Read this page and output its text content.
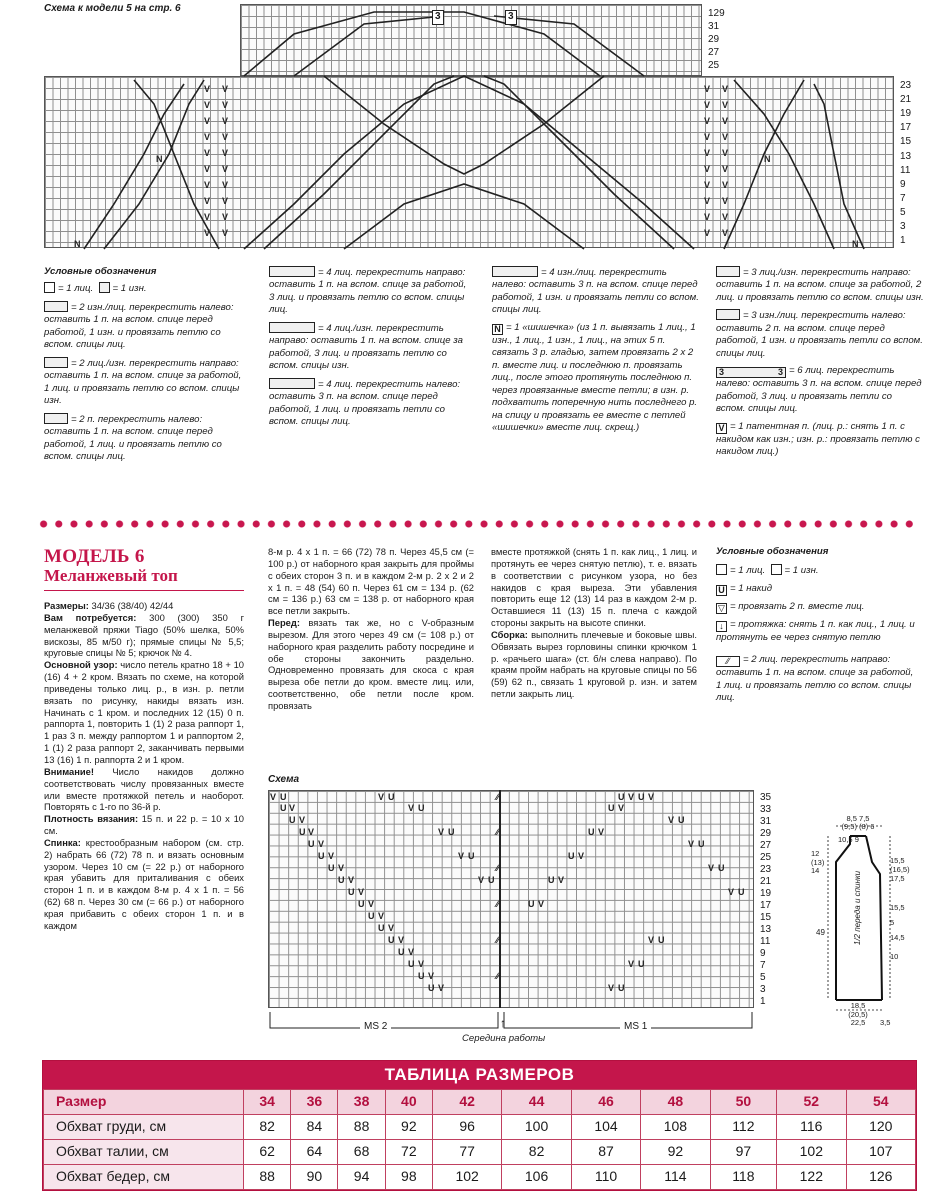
Схема к модели 5 на стр. 6
N
N
N
N
V V
V V
V V
V V
V V
V V
V V
V V
V V
V V
V V
V V
V V
V V
V V
V V
V V
V V
V V
V V
3	3	129
31
29
27
25
23
21
19
17
15
13
11
9
7
5
3
1
Условные обозначения
= 1 лиц. = 1 изн.
= 2 изн./лиц. перекрестить налево: оставить 1 п. на вспом. спице перед работой, 1 изн. и провязать петлю со вспом. спицы лиц.
= 2 лиц./изн. перекрестить направо: оставить 1 п. на вспом. спице за работой, 1 лиц. и провязать петлю со вспом. спицы изн.
= 2 п. перекрестить налево: оставить 1 п. на вспом. спице перед работой, 1 лиц. и провязать петлю со вспом. спицы лиц.
= 4 лиц. перекрестить направо: оставить 1 п. на вспом. спице за работой, 3 лиц. и провязать петлю со вспом. спицы лиц.
= 4 лиц./изн. перекрестить направо: оставить 1 п. на вспом. спице за работой, 3 лиц. и провязать петлю со вспом. спицы изн.
= 4 лиц. перекрестить налево: оставить 3 п. на вспом. спице перед работой, 1 лиц. и провязать петли со вспом. спицы лиц.
= 4 изн./лиц. перекрестить налево: оставить 3 п. на вспом. спице перед работой, 1 изн. и провязать петли со вспом. спицы лиц.
N = 1 «шишечка» (из 1 п. вывязать 1 лиц., 1 изн., 1 лиц., 1 изн., 1 лиц., на этих 5 п. связать 3 р. гладью, затем провязать 2 х 2 п. вместе лиц. и последнюю п. провязать лиц., после этого протянуть последнюю п. через провязанные вместе петли; в изн. р. подхватить поперечную нить последнего р. на спицу и провязать ее вместе с петлей «шишечки» вместе лиц. скрещ.)
= 3 лиц./изн. перекрестить направо: оставить 1 п. на вспом. спице за работой, 2 лиц. и провязать петлю со вспом. спицы изн.
= 3 изн./лиц. перекрестить налево: оставить 2 п. на вспом. спице перед работой, 1 изн. и провязать петли со вспом. спицы лиц.
3	3 = 6 лиц. перекрестить налево: оставить 3 п. на вспом. спице перед работой, 3 лиц. и провязать петли со вспом. спицы лиц.
V = 1 патентная п. (лиц. р.: снять 1 п. с накидом как изн.; изн. р.: провязать петлю с накидом лиц.)
МОДЕЛЬ 6
Меланжевый топ

Размеры: 34/36 (38/40) 42/44

Вам потребуется: 300 (300) 350 г меланжевой пряжи Tiago (50% шелка, 50% вискозы, 85 м/50 г); прямые спицы № 5,5; круговые спицы № 5; крючок № 4.

Основной узор: число петель кратно 18 + 10 (16) 4 + 2 кром. Вязать по схеме, на которой приведены только лиц. р., в изн. р. петли вязать по рисунку, накиды вязать изн. Начинать с 1 кром. и последних 12 (15) 0 п. раппорта 1, повторить 1 (1) 2 раза раппорт 1, 1 раз 3 п. между раппортом 1 и раппортом 2, 1 (1) 2 раза раппорт 2, заканчивать первыми 13 (16) 1 п. раппорта 2 и 1 кром.

Внимание! Число накидов должно соответствовать числу провязанных вместе или вместе протяжкой петель и наоборот. Повторять с 1-го по 36-й р.

Плотность вязания: 15 п. и 22 р. = 10 х 10 см.

Спинка: крестообразным набором (см. стр. 2) набрать 66 (72) 78 п. и вязать основным узором. Через 10 см (= 22 р.) от наборного края убавить для приталивания с обеих сторон 1 п. и в каждом 8-м р. 4 х 1 п. = 56 (62) 68 п. Через 30 см (= 66 р.) от наборного края прибавить с обеих сторон 1 п. и в каждом

8-м р. 4 х 1 п. = 66 (72) 78 п. Через 45,5 см (= 100 р.) от наборного края закрыть для проймы с обеих сторон 3 п. и в каждом 2-м р. 2 х 2 и 2 х 1 п. = 48 (54) 60 п. Через 61 см = 134 р. (62 см = 136 р.) 63 см = 138 р. от наборного края все петли закрыть.

Перед: вязать так же, но с V-образным вырезом. Для этого через 49 см (= 108 р.) от наборного края разделить работу посредине и обе стороны закончить раздельно. Одновременно провязать для скоса с края выреза обе петли до кром. вместе лиц. или, соответственно, обе петли после кром. провязать

вместе протяжкой (снять 1 п. как лиц., 1 лиц. и протянуть ее через снятую петлю), т. е. вязать в соответствии с рисунком узора, но без накидов с края выреза. Эти убавления повторить еще 12 (13) 14 раз в каждом 2-м р. Оставшиеся 11 (13) 15 п. плеча с каждой стороны закрыть на высоте спинки.

Сборка: выполнить плечевые и боковые швы. Обвязать вырез горловины спинки крючком 1 р. «рачьего шага» (ст. б/н слева направо). По краям пройм набрать на круговые спицы по 56 (59) 62 п., связать 1 круговой р. изн. и затем петли закрыть лиц.

Условные обозначения
= 1 лиц. = 1 изн.
U = 1 накид
▽ = провязать 2 п. вместе лиц.
↓ = протяжка: снять 1 п. как лиц., 1 лиц. и протянуть ее через снятую петлю
∕∕ = 2 лиц. перекрестить направо: оставить 1 п. на вспом. спице за работой, 1 лиц. и провязать петлю со вспом. спицы лиц.
Схема
V U
U V
U V
U V
U V
U V
U V
U V
U V
U V
U V
U V
U V
U V
U V
U V
U V
V U
V U
V U
V U
V U
∕∕
∕∕
∕∕
∕∕
∕∕
∕∕
U V U V
U V
U V
U V
U V
U V
V U
V U
V U
V U
V U
V U
V U
35
33
31
29
27
25
23
21
19
17
15
13
11
9
7
5
3
1
MS 2	MS 1
↑
Середина работы
8,5 7,5
(9,5) (8) 6
10,5 9
12
(13)
14
49	1/2 переда и спинки
15,5
(16,5)
17,5
15,5
5
14,5
10
18,5
(20,5)
22,5	3,5
ТАБЛИЦА РАЗМЕРОВ
Размер	34	36	38	40	42	44	46	48	50	52	54
Обхват груди, см	82	84	88	92	96	100	104	108	112	116	120
Обхват талии, см	62	64	68	72	77	82	87	92	97	102	107
Обхват бедер, см	88	90	94	98	102	106	110	114	118	122	126
